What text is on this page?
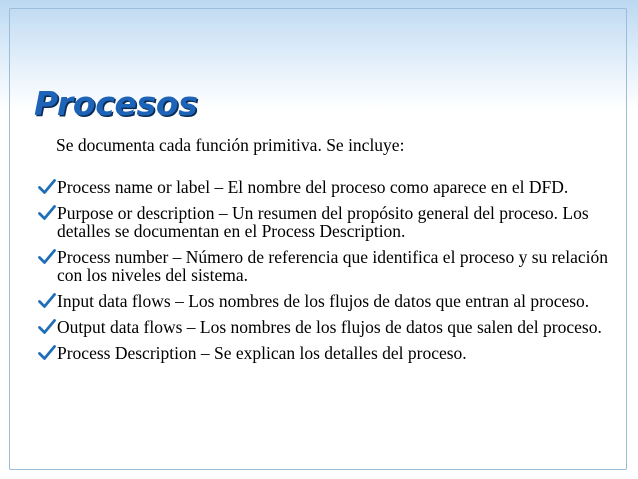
Procesos

Se documenta cada función primitiva. Se incluye:

Process name or label – El nombre del proceso como aparece en el DFD.
Purpose or description – Un resumen del propósito general del proceso. Los detalles se documentan en el Process Description.
Process number – Número de referencia que identifica el proceso y su relación con los niveles del sistema.
Input data flows – Los nombres de los flujos de datos que entran al proceso.
Output data flows – Los nombres de los flujos de datos que salen del proceso.
Process Description – Se explican los detalles del proceso.
